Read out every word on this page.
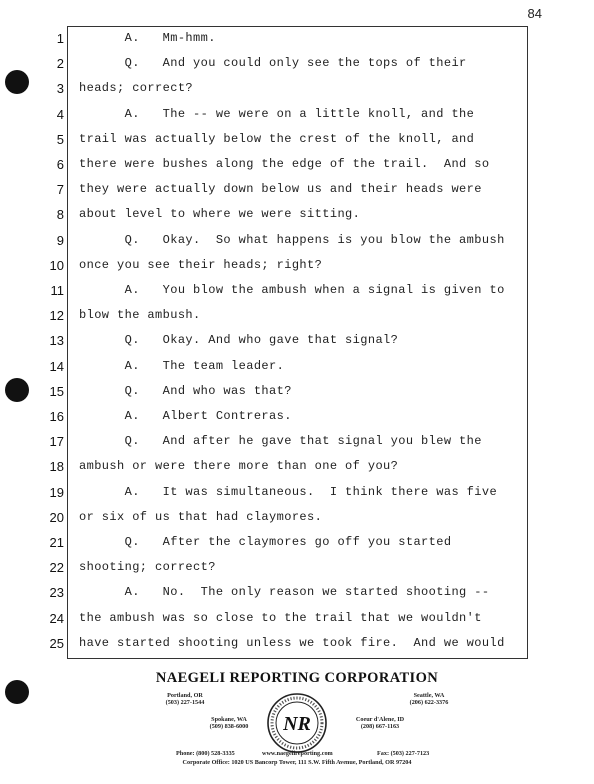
84
1
2
3
4
5
6
7
8
9
10
11
12
13
14
15
16
17
18
19
20
21
22
23
24
25
A.   Mm-hmm.
Q.   And you could only see the tops of their
heads; correct?
A.   The -- we were on a little knoll, and the
trail was actually below the crest of the knoll, and
there were bushes along the edge of the trail.  And so
they were actually down below us and their heads were
about level to where we were sitting.
Q.   Okay.  So what happens is you blow the ambush
once you see their heads; right?
A.   You blow the ambush when a signal is given to
blow the ambush.
Q.   Okay. And who gave that signal?
A.   The team leader.
Q.   And who was that?
A.   Albert Contreras.
Q.   And after he gave that signal you blew the
ambush or were there more than one of you?
A.   It was simultaneous.  I think there was five
or six of us that had claymores.
Q.   After the claymores go off you started
shooting; correct?
A.   No.  The only reason we started shooting --
the ambush was so close to the trail that we wouldn't
have started shooting unless we took fire.  And we would
NAEGELI REPORTING CORPORATION
Portland, OR
(503) 227-1544
Seattle, WA
(206) 622-3376
Spokane, WA
(509) 838-6000
Coeur d'Alene, ID
(208) 667-1163
NR
Phone: (800) 528-3335	www.naegelireporting.com	Fax: (503) 227-7123
Corporate Office: 1020 US Bancorp Tower, 111 S.W. Fifth Avenue, Portland, OR 97204
